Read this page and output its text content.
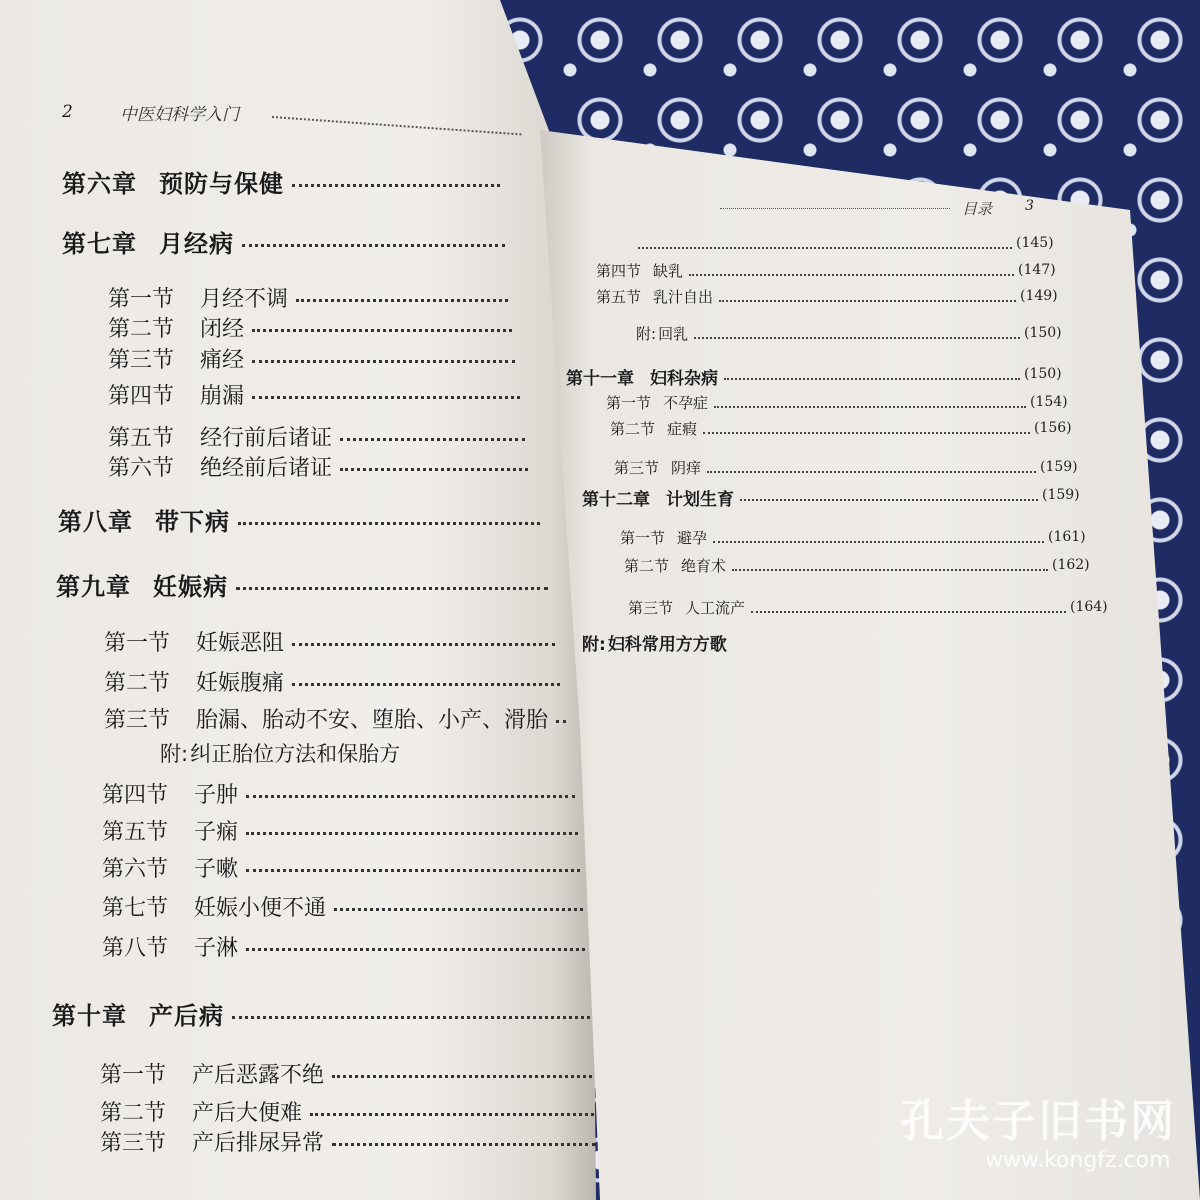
2	中医妇科学入门
第六章 预防与保健
第七章 月经病
第一节 月经不调
第二节 闭经
第三节 痛经
第四节 崩漏
第五节 经行前后诸证
第六节 绝经前后诸证
第八章 带下病
第九章 妊娠病
第一节 妊娠恶阻
第二节 妊娠腹痛
第三节 胎漏、胎动不安、堕胎、小产、滑胎
附:纠正胎位方法和保胎方
第四节 子肿
第五节 子痫
第六节 子嗽
第七节 妊娠小便不通
第八节 子淋
第十章 产后病
第一节 产后恶露不绝
第二节 产后大便难
第三节 产后排尿异常
目录 3
(145)
第四节 缺乳	(147)
第五节 乳汁自出	(149)
附: 回乳	(150)
第十一章 妇科杂病	(150)
第一节 不孕症	(154)
第二节 症瘕	(156)
第三节 阴痒	(159)
第十二章 计划生育	(159)
第一节 避孕	(161)
第二节 绝育术	(162)
第三节 人工流产	(164)
附: 妇科常用方方歌
孔夫子旧书网
www.kongfz.com
